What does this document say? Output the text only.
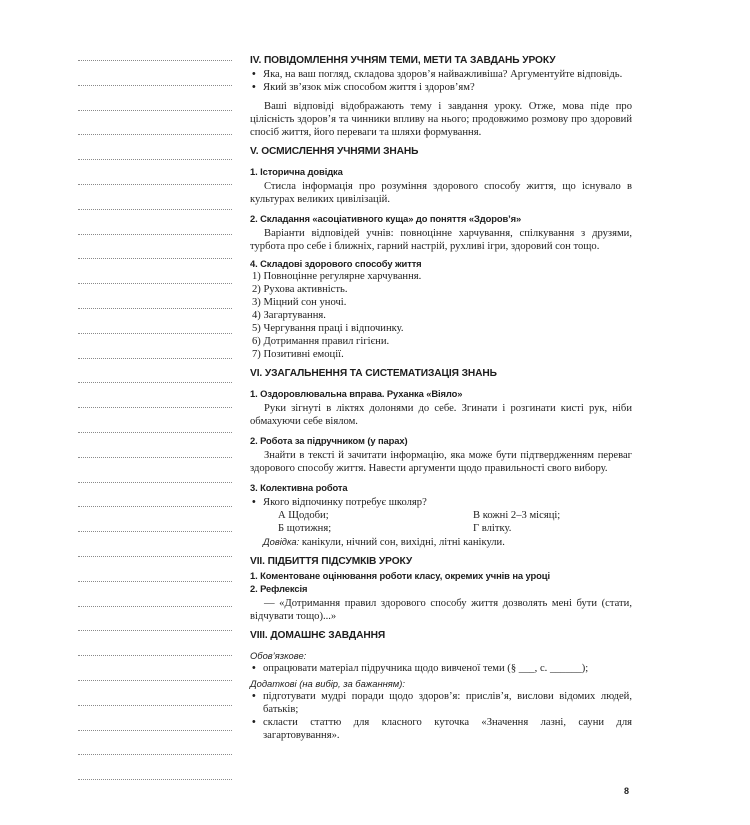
IV. ПОВІДОМЛЕННЯ УЧНЯМ ТЕМИ, МЕТИ ТА ЗАВДАНЬ УРОКУ

• Яка, на ваш погляд, складова здоров’я найважливіша? Аргументуйте відповідь.

• Який зв’язок між способом життя і здоров’ям?

Ваші відповіді відображають тему і завдання уроку. Отже, мова піде про цілісність здоров’я та чинники впливу на нього; продовжимо розмову про здоровий спосіб життя, його переваги та шляхи формування.

V. ОСМИСЛЕННЯ УЧНЯМИ ЗНАНЬ

1. Історична довідка

Стисла інформація про розуміння здорового способу життя, що існувало в культурах великих цивілізацій.

2. Складання «асоціативного куща» до поняття «Здоров’я»

Варіанти відповідей учнів: повноцінне харчування, спілкування з друзями, турбота про себе і ближніх, гарний настрій, рухливі ігри, здоровий сон тощо.

4. Складові здорового способу життя

1) Повноцінне регулярне харчування.

2) Рухова активність.

3) Міцний сон уночі.

4) Загартування.

5) Чергування праці і відпочинку.

6) Дотримання правил гігієни.

7) Позитивні емоції.

VI. УЗАГАЛЬНЕННЯ ТА СИСТЕМАТИЗАЦІЯ ЗНАНЬ

1. Оздоровлювальна вправа. Руханка «Віяло»

Руки зігнуті в ліктях долонями до себе. Згинати і розгинати кисті рук, ніби обмахуючи себе віялом.

2. Робота за підручником (у парах)

Знайти в тексті й зачитати інформацію, яка може бути підтвердженням переваг здорового способу життя. Навести аргументи щодо правильності свого вибору.

3. Колективна робота

• Якого відпочинку потребує школяр?

А Щодоби;	В кожні 2–3 місяці;
Б щотижня;	Г влітку.

Довідка: канікули, нічний сон, вихідні, літні канікули.

VII. ПІДБИТТЯ ПІДСУМКІВ УРОКУ

1. Коментоване оцінювання роботи класу, окремих учнів на уроці

2. Рефлексія

— «Дотримання правил здорового способу життя дозволять мені бути (стати, відчувати тощо)...»

VIII. ДОМАШНЄ ЗАВДАННЯ

Обов’язкове:

• опрацювати матеріал підручника щодо вивченої теми (§ ___, с. ______);

Додаткові (на вибір, за бажанням):

• підготувати мудрі поради щодо здоров’я: прислів’я, вислови відомих людей, батьків;

• скласти статтю для класного куточка «Значення лазні, сауни для загартовування».

8
